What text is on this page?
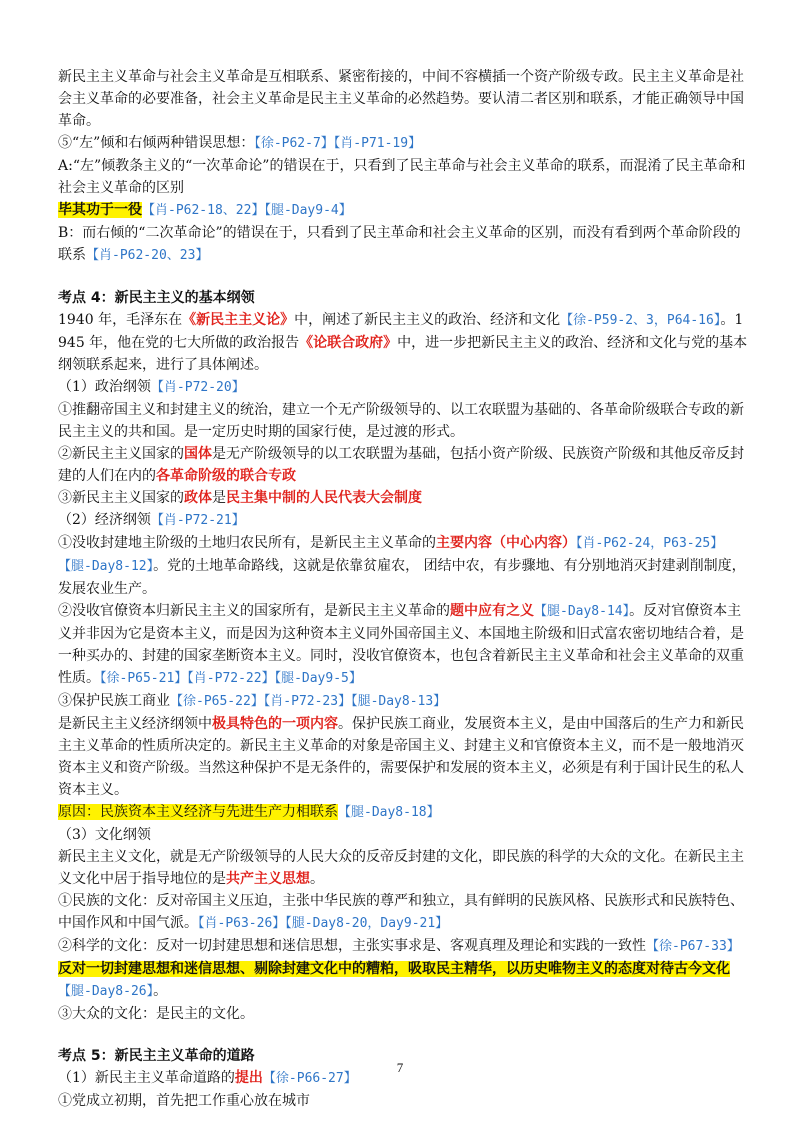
新民主主义革命与社会主义革命是互相联系、紧密衔接的，中间不容横插一个资产阶级专政。民主主义革命是社会主义革命的必要准备，社会主义革命是民主主义革命的必然趋势。要认清二者区别和联系，才能正确领导中国革命。

⑤“左”倾和右倾两种错误思想：【徐-P62-7】【肖-P71-19】

A:“左”倾教条主义的“一次革命论”的错误在于，只看到了民主革命与社会主义革命的联系，而混淆了民主革命和社会主义革命的区别

毕其功于一役【肖-P62-18、22】【腿-Day9-4】

B：而右倾的“二次革命论”的错误在于，只看到了民主革命和社会主义革命的区别，而没有看到两个革命阶段的联系【肖-P62-20、23】

考点 4：新民主主义的基本纲领

1940 年，毛泽东在《新民主主义论》中，阐述了新民主主义的政治、经济和文化【徐-P59-2、3，P64-16】。1945 年，他在党的七大所做的政治报告《论联合政府》中，进一步把新民主主义的政治、经济和文化与党的基本纲领联系起来，进行了具体阐述。

（1）政治纲领【肖-P72-20】

①推翻帝国主义和封建主义的统治，建立一个无产阶级领导的、以工农联盟为基础的、各革命阶级联合专政的新民主主义的共和国。是一定历史时期的国家行使，是过渡的形式。

②新民主主义国家的国体是无产阶级领导的以工农联盟为基础，包括小资产阶级、民族资产阶级和其他反帝反封建的人们在内的各革命阶级的联合专政

③新民主主义国家的政体是民主集中制的人民代表大会制度

（2）经济纲领【肖-P72-21】

①没收封建地主阶级的土地归农民所有，是新民主主义革命的主要内容（中心内容）【肖-P62-24，P63-25】【腿-Day8-12】。党的土地革命路线，这就是依靠贫雇农， 团结中农，有步骤地、有分别地消灭封建剥削制度，发展农业生产。

②没收官僚资本归新民主主义的国家所有，是新民主主义革命的题中应有之义【腿-Day8-14】。反对官僚资本主义并非因为它是资本主义，而是因为这种资本主义同外国帝国主义、本国地主阶级和旧式富农密切地结合着，是一种买办的、封建的国家垄断资本主义。同时，没收官僚资本，也包含着新民主主义革命和社会主义革命的双重性质。【徐-P65-21】【肖-P72-22】【腿-Day9-5】

③保护民族工商业【徐-P65-22】【肖-P72-23】【腿-Day8-13】

是新民主主义经济纲领中极具特色的一项内容。保护民族工商业，发展资本主义，是由中国落后的生产力和新民主主义革命的性质所决定的。新民主主义革命的对象是帝国主义、封建主义和官僚资本主义，而不是一般地消灭资本主义和资产阶级。当然这种保护不是无条件的，需要保护和发展的资本主义，必须是有利于国计民生的私人资本主义。

原因：民族资本主义经济与先进生产力相联系【腿-Day8-18】

（3）文化纲领

新民主主义文化，就是无产阶级领导的人民大众的反帝反封建的文化，即民族的科学的大众的文化。在新民主主义文化中居于指导地位的是共产主义思想。

①民族的文化：反对帝国主义压迫，主张中华民族的尊严和独立，具有鲜明的民族风格、民族形式和民族特色、中国作风和中国气派。【肖-P63-26】【腿-Day8-20，Day9-21】

②科学的文化：反对一切封建思想和迷信思想，主张实事求是、客观真理及理论和实践的一致性【徐-P67-33】反对一切封建思想和迷信思想、剔除封建文化中的糟粕，吸取民主精华，以历史唯物主义的态度对待古今文化【腿-Day8-26】。

③大众的文化：是民主的文化。

考点 5：新民主主义革命的道路

（1）新民主主义革命道路的提出【徐-P66-27】

①党成立初期，首先把工作重心放在城市

7
